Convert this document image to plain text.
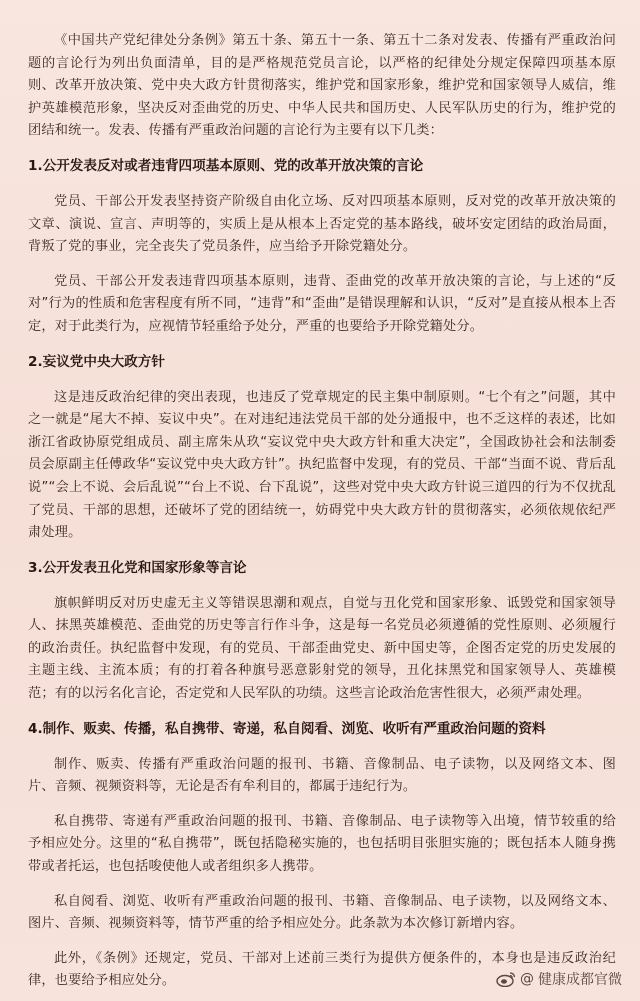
《中国共产党纪律处分条例》第五十条、第五十一条、第五十二条对发表、传播有严重政治问题的言论行为列出负面清单，目的是严格规范党员言论，以严格的纪律处分规定保障四项基本原则、改革开放决策、党中央大政方针贯彻落实，维护党和国家形象，维护党和国家领导人威信，维护英雄模范形象，坚决反对歪曲党的历史、中华人民共和国历史、人民军队历史的行为，维护党的团结和统一。发表、传播有严重政治问题的言论行为主要有以下几类：

1.公开发表反对或者违背四项基本原则、党的改革开放决策的言论

党员、干部公开发表坚持资产阶级自由化立场、反对四项基本原则，反对党的改革开放决策的文章、演说、宣言、声明等的，实质上是从根本上否定党的基本路线，破坏安定团结的政治局面，背叛了党的事业，完全丧失了党员条件，应当给予开除党籍处分。

党员、干部公开发表违背四项基本原则，违背、歪曲党的改革开放决策的言论，与上述的“反对”行为的性质和危害程度有所不同，“违背”和“歪曲”是错误理解和认识，“反对”是直接从根本上否定，对于此类行为，应视情节轻重给予处分，严重的也要给予开除党籍处分。

2.妄议党中央大政方针

这是违反政治纪律的突出表现，也违反了党章规定的民主集中制原则。“七个有之”问题，其中之一就是“尾大不掉、妄议中央”。在对违纪违法党员干部的处分通报中，也不乏这样的表述，比如浙江省政协原党组成员、副主席朱从玖“妄议党中央大政方针和重大决定”，全国政协社会和法制委员会原副主任傅政华“妄议党中央大政方针”。执纪监督中发现，有的党员、干部“当面不说、背后乱说”“会上不说、会后乱说”“台上不说、台下乱说”，这些对党中央大政方针说三道四的行为不仅扰乱了党员、干部的思想，还破坏了党的团结统一，妨碍党中央大政方针的贯彻落实，必须依规依纪严肃处理。

3.公开发表丑化党和国家形象等言论

旗帜鲜明反对历史虚无主义等错误思潮和观点，自觉与丑化党和国家形象、诋毁党和国家领导人、抹黑英雄模范、歪曲党的历史等言行作斗争，这是每一名党员必须遵循的党性原则、必须履行的政治责任。执纪监督中发现，有的党员、干部歪曲党史、新中国史等，企图否定党的历史发展的主题主线、主流本质；有的打着各种旗号恶意影射党的领导，丑化抹黑党和国家领导人、英雄模范；有的以污名化言论，否定党和人民军队的功绩。这些言论政治危害性很大，必须严肃处理。

4.制作、贩卖、传播，私自携带、寄递，私自阅看、浏览、收听有严重政治问题的资料

制作、贩卖、传播有严重政治问题的报刊、书籍、音像制品、电子读物，以及网络文本、图片、音频、视频资料等，无论是否有牟利目的，都属于违纪行为。

私自携带、寄递有严重政治问题的报刊、书籍、音像制品、电子读物等入出境，情节较重的给予相应处分。这里的“私自携带”，既包括隐秘实施的，也包括明目张胆实施的；既包括本人随身携带或者托运，也包括唆使他人或者组织多人携带。

私自阅看、浏览、收听有严重政治问题的报刊、书籍、音像制品、电子读物，以及网络文本、图片、音频、视频资料等，情节严重的给予相应处分。此条款为本次修订新增内容。

此外，《条例》还规定，党员、干部对上述前三类行为提供方便条件的，本身也是违反政治纪律，也要给予相应处分。	@ 健康成都官微
